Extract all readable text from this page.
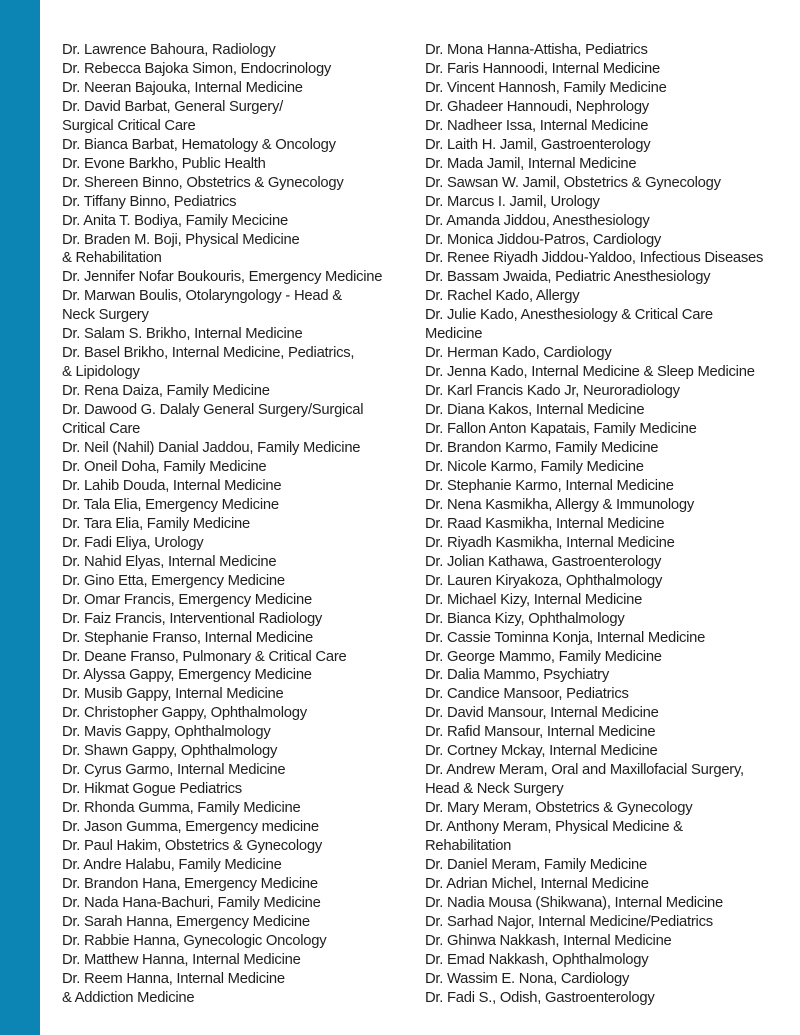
Dr. Lawrence Bahoura, Radiology
Dr. Rebecca Bajoka Simon, Endocrinology
Dr. Neeran Bajouka, Internal Medicine
Dr. David Barbat, General Surgery/
Surgical Critical Care
Dr. Bianca Barbat, Hematology & Oncology
Dr. Evone Barkho, Public Health
Dr. Shereen Binno, Obstetrics & Gynecology
Dr. Tiffany Binno, Pediatrics
Dr. Anita T. Bodiya, Family Mecicine
Dr. Braden M. Boji, Physical Medicine
& Rehabilitation
Dr. Jennifer Nofar Boukouris, Emergency Medicine
Dr. Marwan Boulis, Otolaryngology - Head &
Neck Surgery
Dr. Salam S. Brikho, Internal Medicine
Dr. Basel Brikho, Internal Medicine, Pediatrics,
& Lipidology
Dr. Rena Daiza, Family Medicine
Dr. Dawood G. Dalaly General Surgery/Surgical
Critical Care
Dr. Neil (Nahil) Danial Jaddou, Family Medicine
Dr. Oneil Doha, Family Medicine
Dr. Lahib Douda, Internal Medicine
Dr. Tala Elia, Emergency Medicine
Dr. Tara Elia, Family Medicine
Dr. Fadi Eliya, Urology
Dr. Nahid Elyas, Internal Medicine
Dr. Gino Etta, Emergency Medicine
Dr. Omar Francis, Emergency Medicine
Dr. Faiz Francis, Interventional Radiology
Dr. Stephanie Franso, Internal Medicine
Dr. Deane Franso, Pulmonary & Critical Care
Dr. Alyssa Gappy, Emergency Medicine
Dr. Musib Gappy, Internal Medicine
Dr. Christopher Gappy, Ophthalmology
Dr. Mavis Gappy, Ophthalmology
Dr. Shawn Gappy, Ophthalmology
Dr. Cyrus Garmo, Internal Medicine
Dr. Hikmat Gogue Pediatrics
Dr. Rhonda Gumma, Family Medicine
Dr. Jason Gumma, Emergency medicine
Dr. Paul Hakim, Obstetrics & Gynecology
Dr. Andre Halabu, Family Medicine
Dr. Brandon Hana, Emergency Medicine
Dr. Nada Hana-Bachuri, Family Medicine
Dr. Sarah Hanna, Emergency Medicine
Dr. Rabbie Hanna, Gynecologic Oncology
Dr. Matthew Hanna, Internal Medicine
Dr. Reem Hanna, Internal Medicine
& Addiction Medicine
Dr. Mona Hanna-Attisha, Pediatrics
Dr. Faris Hannoodi, Internal Medicine
Dr. Vincent Hannosh, Family Medicine
Dr. Ghadeer Hannoudi, Nephrology
Dr. Nadheer Issa, Internal Medicine
Dr. Laith H. Jamil, Gastroenterology
Dr. Mada Jamil, Internal Medicine
Dr. Sawsan W. Jamil, Obstetrics & Gynecology
Dr. Marcus I. Jamil, Urology
Dr. Amanda Jiddou, Anesthesiology
Dr. Monica Jiddou-Patros, Cardiology
Dr. Renee Riyadh Jiddou-Yaldoo, Infectious Diseases
Dr. Bassam Jwaida, Pediatric Anesthesiology
Dr. Rachel Kado, Allergy
Dr. Julie Kado, Anesthesiology & Critical Care
Medicine
Dr. Herman Kado, Cardiology
Dr. Jenna Kado, Internal Medicine & Sleep Medicine
Dr. Karl Francis Kado Jr, Neuroradiology
Dr. Diana Kakos, Internal Medicine
Dr. Fallon Anton Kapatais, Family Medicine
Dr. Brandon Karmo, Family Medicine
Dr. Nicole Karmo, Family Medicine
Dr. Stephanie Karmo, Internal Medicine
Dr. Nena Kasmikha, Allergy & Immunology
Dr. Raad Kasmikha, Internal Medicine
Dr. Riyadh Kasmikha, Internal Medicine
Dr. Jolian Kathawa, Gastroenterology
Dr. Lauren Kiryakoza, Ophthalmology
Dr. Michael Kizy, Internal Medicine
Dr. Bianca Kizy, Ophthalmology
Dr. Cassie Tominna Konja, Internal Medicine
Dr. George Mammo, Family Medicine
Dr. Dalia Mammo, Psychiatry
Dr. Candice Mansoor, Pediatrics
Dr. David Mansour, Internal Medicine
Dr. Rafid Mansour, Internal Medicine
Dr. Cortney Mckay, Internal Medicine
Dr. Andrew Meram, Oral and Maxillofacial Surgery,
Head & Neck Surgery
Dr. Mary Meram, Obstetrics & Gynecology
Dr. Anthony Meram, Physical Medicine &
Rehabilitation
Dr. Daniel Meram, Family Medicine
Dr. Adrian Michel, Internal Medicine
Dr. Nadia Mousa (Shikwana), Internal Medicine
Dr. Sarhad Najor, Internal Medicine/Pediatrics
Dr. Ghinwa Nakkash, Internal Medicine
Dr. Emad Nakkash, Ophthalmology
Dr. Wassim E. Nona, Cardiology
Dr. Fadi S., Odish, Gastroenterology
